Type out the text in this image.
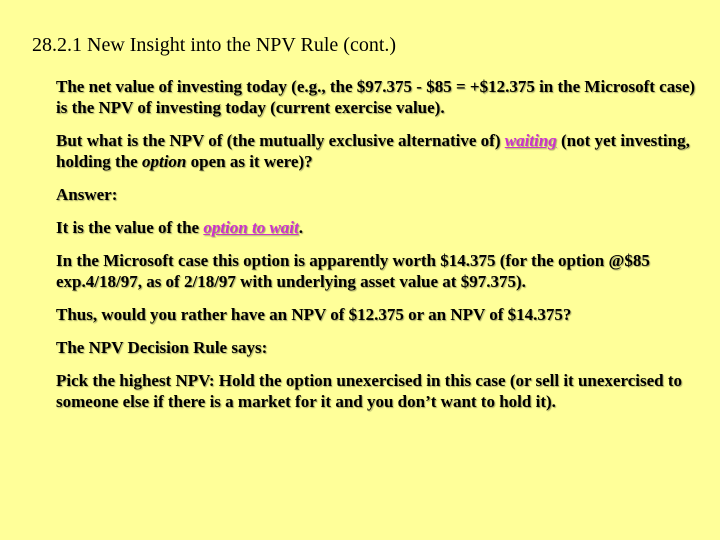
28.2.1 New Insight into the NPV Rule (cont.)

The net value of investing today (e.g., the $97.375 - $85 = +$12.375 in the Microsoft case) is the NPV of investing today (current exercise value).

But what is the NPV of (the mutually exclusive alternative of) waiting (not yet investing, holding the option open as it were)?

Answer:

It is the value of the option to wait.

In the Microsoft case this option is apparently worth $14.375 (for the option @$85 exp.4/18/97, as of 2/18/97 with underlying asset value at $97.375).

Thus, would you rather have an NPV of $12.375 or an NPV of $14.375?

The NPV Decision Rule says:

Pick the highest NPV: Hold the option unexercised in this case (or sell it unexercised to someone else if there is a market for it and you don’t want to hold it).
